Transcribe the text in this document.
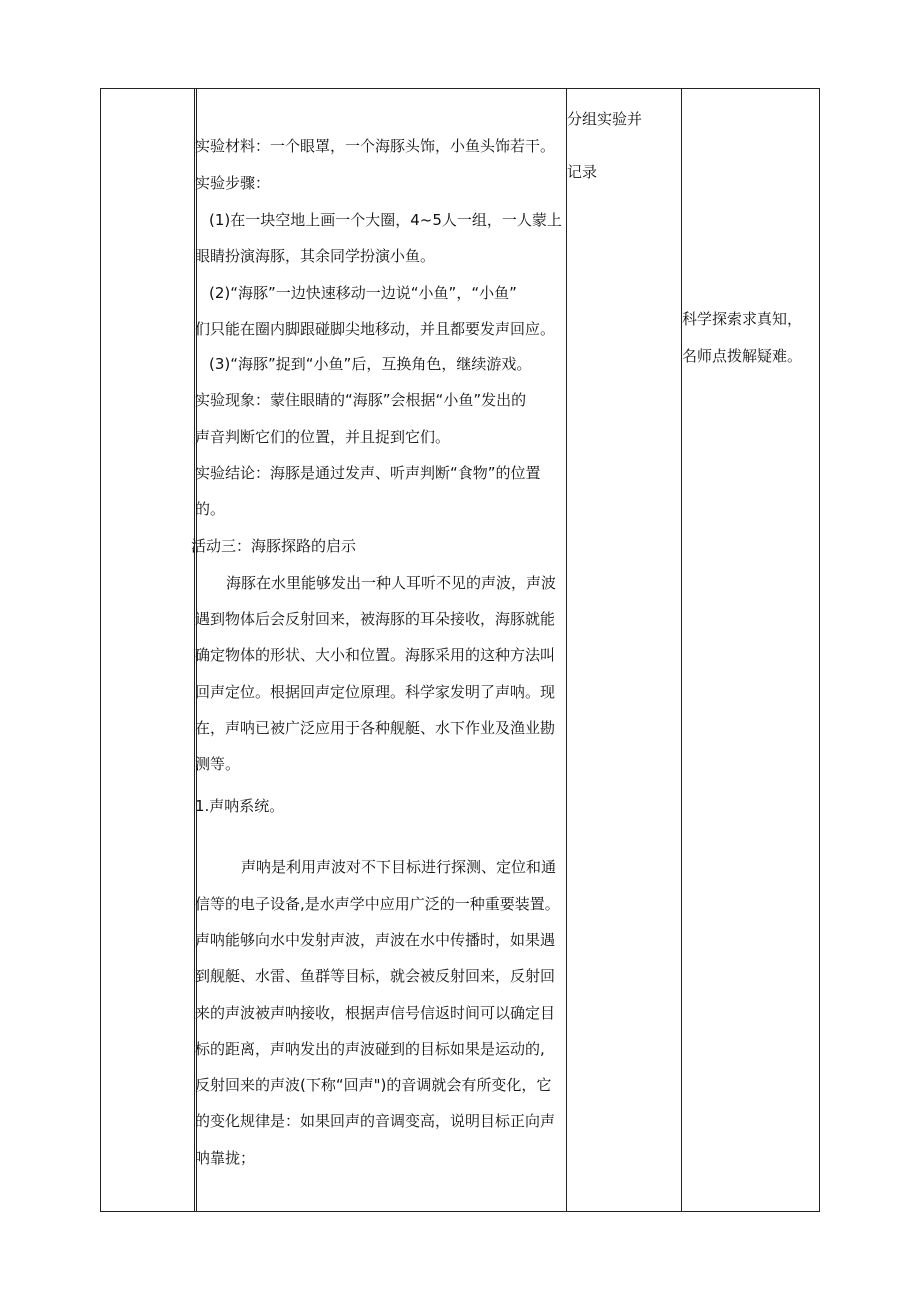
实验材料：一个眼罩，一个海豚头饰，小鱼头饰若干。
实验步骤：
(1)在一块空地上画一个大圈，4~5人一组，一人蒙上
眼睛扮演海豚，其余同学扮演小鱼。
(2)“海豚”一边快速移动一边说“小鱼”，“小鱼”
们只能在圈内脚跟碰脚尖地移动，并且都要发声回应。
(3)“海豚”捉到“小鱼”后，互换角色，继续游戏。
实验现象：蒙住眼睛的“海豚”会根据“小鱼”发出的
声音判断它们的位置，并且捉到它们。
实验结论：海豚是通过发声、听声判断“食物”的位置
的。
活动三：海豚探路的启示
海豚在水里能够发出一种人耳听不见的声波，声波
遇到物体后会反射回来，被海豚的耳朵接收，海豚就能
确定物体的形状、大小和位置。海豚采用的这种方法叫
回声定位。根据回声定位原理。科学家发明了声呐。现
在，声呐已被广泛应用于各种舰艇、水下作业及渔业勘
测等。
1.声呐系统。
声呐是利用声波对不下目标进行探测、定位和通
信等的电子设备,是水声学中应用广泛的一种重要装置。
声呐能够向水中发射声波，声波在水中传播时，如果遇
到舰艇、水雷、鱼群等目标，就会被反射回来，反射回
来的声波被声呐接收，根据声信号信返时间可以确定目
标的距离，声呐发出的声波碰到的目标如果是运动的,
反射回来的声波(下称“回声")的音调就会有所变化，它
的变化规律是：如果回声的音调变高，说明目标正向声
呐靠拢；
分组实验并
记录
科学探索求真知，
名师点拨解疑难。
